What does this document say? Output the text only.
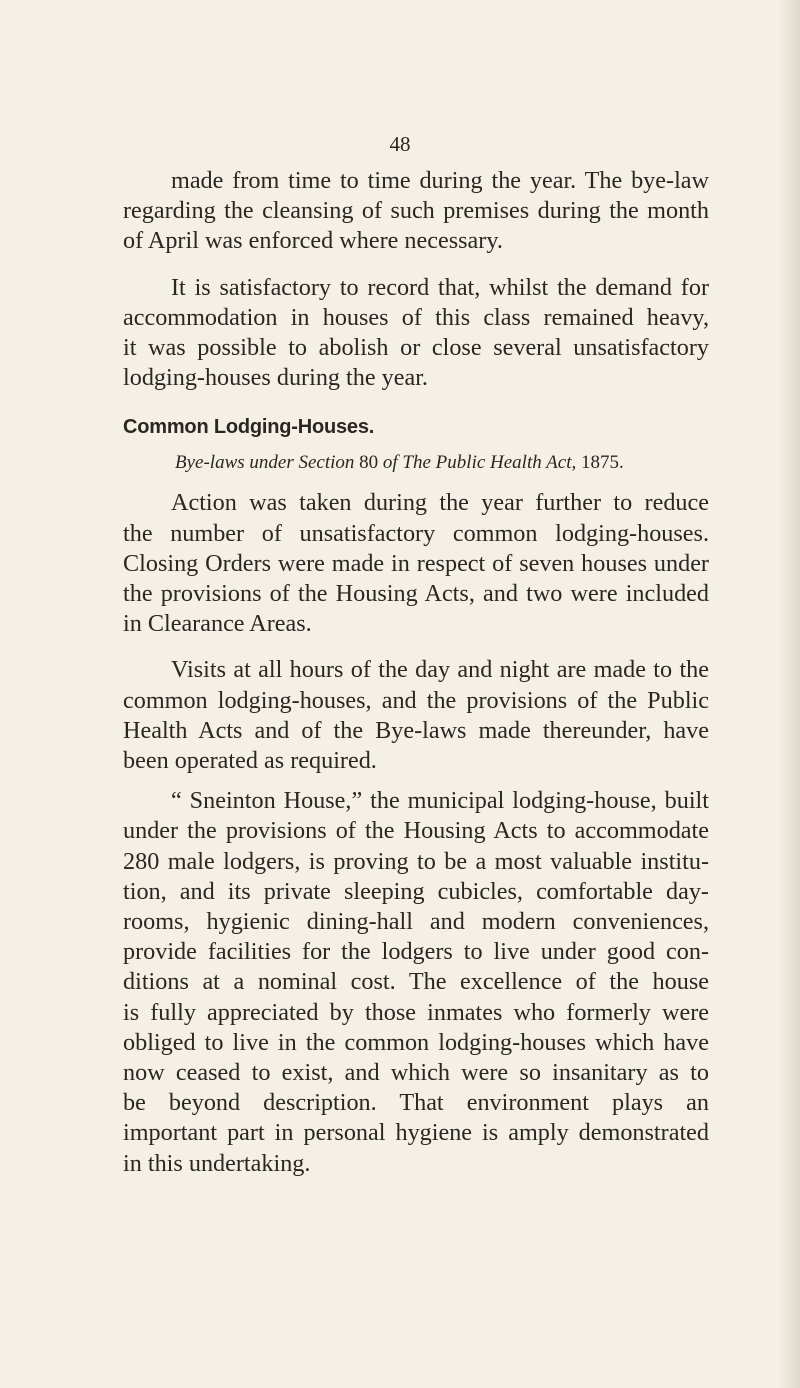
48

made from time to time during the year. The bye-law

regarding the cleansing of such premises during the month

of April was enforced where necessary.

It is satisfactory to record that, whilst the demand for

accommodation in houses of this class remained heavy,

it was possible to abolish or close several unsatisfactory

lodging-houses during the year.

Common Lodging-Houses.
Bye-laws under Section 80 of The Public Health Act, 1875.

Action was taken during the year further to reduce

the number of unsatisfactory common lodging-houses.

Closing Orders were made in respect of seven houses under

the provisions of the Housing Acts, and two were included

in Clearance Areas.

Visits at all hours of the day and night are made to the

common lodging-houses, and the provisions of the Public

Health Acts and of the Bye-laws made thereunder, have

been operated as required.

“ Sneinton House,” the municipal lodging-house, built

under the provisions of the Housing Acts to accommodate

280 male lodgers, is proving to be a most valuable institu-

tion, and its private sleeping cubicles, comfortable day-

rooms, hygienic dining-hall and modern conveniences,

provide facilities for the lodgers to live under good con-

ditions at a nominal cost. The excellence of the house

is fully appreciated by those inmates who formerly were

obliged to live in the common lodging-houses which have

now ceased to exist, and which were so insanitary as to

be beyond description. That environment plays an

important part in personal hygiene is amply demonstrated

in this undertaking.
